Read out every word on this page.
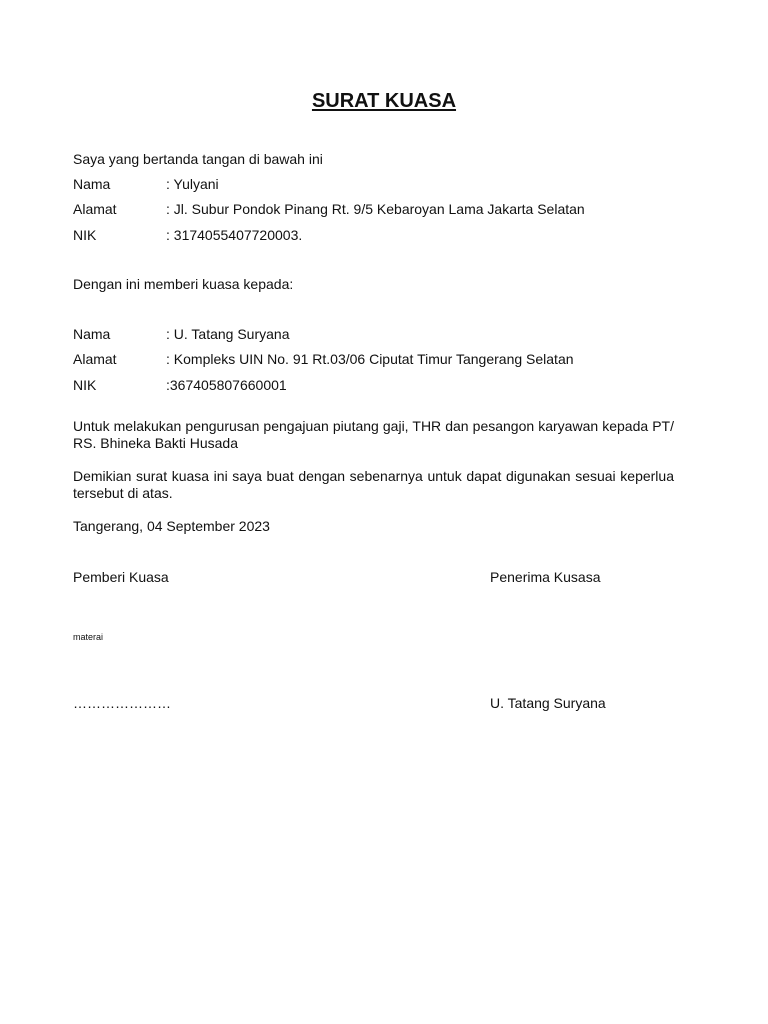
SURAT KUASA
Saya yang bertanda tangan di bawah ini
Nama	: Yulyani
Alamat	: Jl. Subur Pondok Pinang Rt. 9/5 Kebaroyan Lama Jakarta Selatan
NIK	: 3174055407720003.
Dengan ini memberi kuasa kepada:
Nama	: U. Tatang Suryana
Alamat	: Kompleks UIN No. 91 Rt.03/06 Ciputat Timur Tangerang Selatan
NIK	:367405807660001
Untuk melakukan pengurusan pengajuan piutang gaji, THR dan pesangon karyawan kepada PT/ RS. Bhineka Bakti Husada
Demikian surat kuasa ini saya buat dengan sebenarnya untuk dapat digunakan sesuai keperlua tersebut di atas.
Tangerang, 04 September 2023
Pemberi Kuasa	Penerima Kusasa
materai
…………………	U. Tatang Suryana
